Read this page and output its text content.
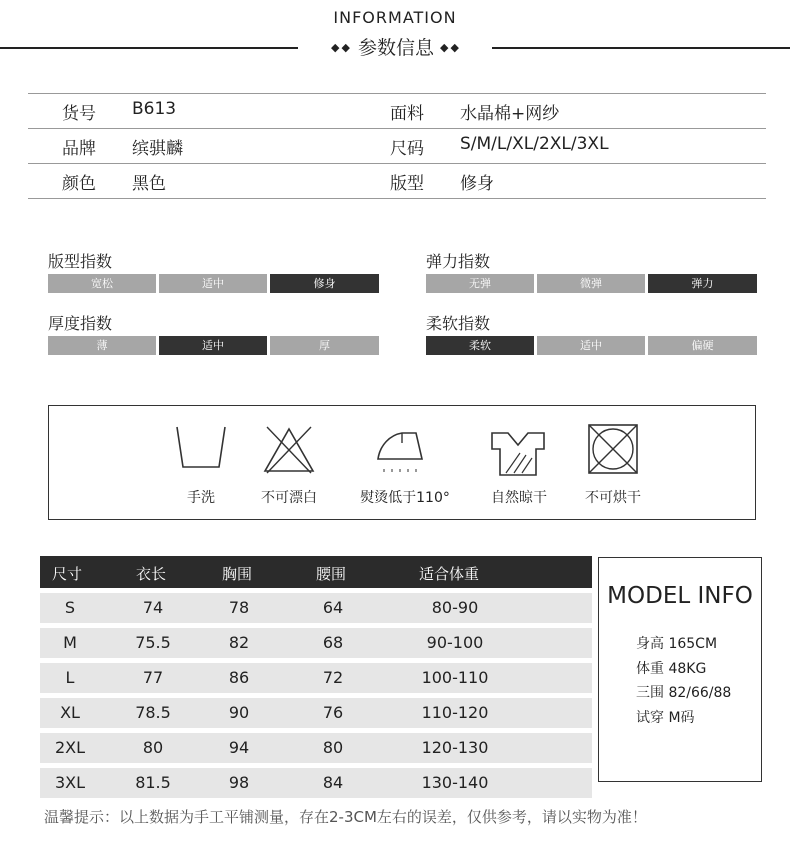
INFORMATION
◆◆ 参数信息 ◆◆
货号 B613	面料 水晶棉+网纱
品牌 缤骐麟	尺码 S/M/L/XL/2XL/3XL
颜色 黑色	版型 修身
版型指数
宽松	适中	修身
弹力指数
无弹	微弹	弹力
厚度指数
薄	适中	厚
柔软指数
柔软	适中	偏硬
手洗	不可漂白	熨烫低于110°	自然晾干	不可烘干
尺寸	衣长	胸围	腰围	适合体重
S	74	78	64	80-90
M	75.5	82	68	90-100
L	77	86	72	100-110
XL	78.5	90	76	110-120
2XL	80	94	80	120-130
3XL	81.5	98	84	130-140
MODEL INFO
身高 165CM
体重 48KG
三围 82/66/88
试穿 M码
温馨提示：以上数据为手工平铺测量，存在2-3CM左右的误差，仅供参考，请以实物为准！
